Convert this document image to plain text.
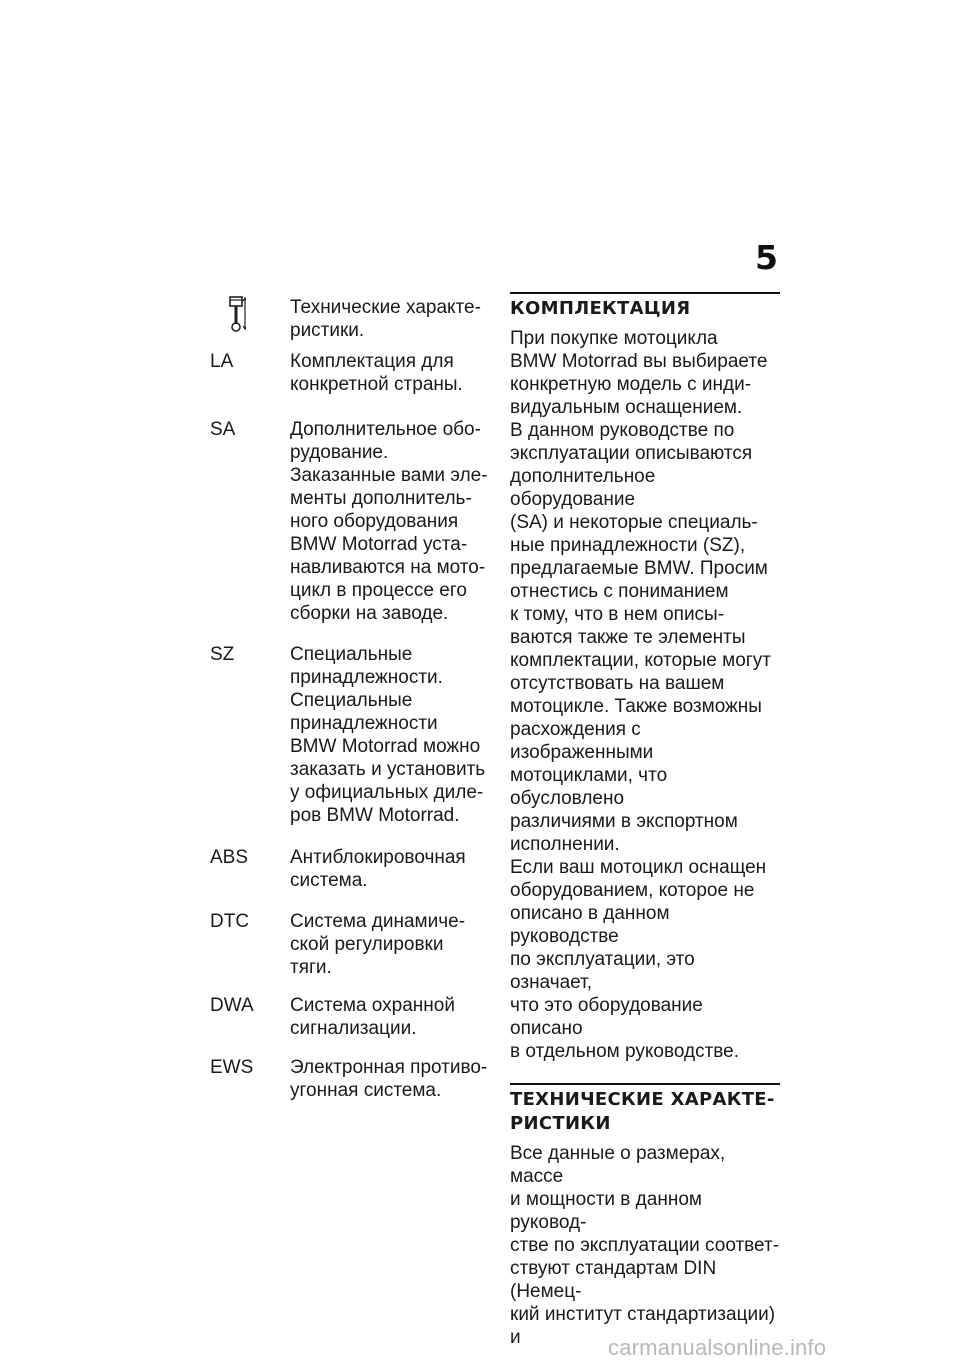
5
Технические характе-
ристики.
LA	Комплектация для
конкретной страны.
SA	Дополнительное обо-
рудование.
Заказанные вами эле-
менты дополнитель-
ного оборудования
BMW Motorrad уста-
навливаются на мото-
цикл в процессе его
сборки на заводе.
SZ	Специальные
принадлежности.
Специальные
принадлежности
BMW Motorrad можно
заказать и установить
у официальных диле-
ров BMW Motorrad.
ABS	Антиблокировочная
система.
DTC	Система динамиче-
ской регулировки
тяги.
DWA	Система охранной
сигнализации.
EWS	Электронная противо-
угонная система.
КОМПЛЕКТАЦИЯ
При покупке мотоцикла
BMW Motorrad вы выбираете
конкретную модель с инди-
видуальным оснащением.
В данном руководстве по
эксплуатации описываются
дополнительное оборудование
(SA) и некоторые специаль-
ные принадлежности (SZ),
предлагаемые BMW. Просим
отнестись с пониманием
к тому, что в нем описы-
ваются также те элементы
комплектации, которые могут
отсутствовать на вашем
мотоцикле. Также возможны
расхождения с изображенными
мотоциклами, что обусловлено
различиями в экспортном
исполнении.
Если ваш мотоцикл оснащен
оборудованием, которое не
описано в данном руководстве
по эксплуатации, это означает,
что это оборудование описано
в отдельном руководстве.
ТЕХНИЧЕСКИЕ ХАРАКТЕ-
РИСТИКИ
Все данные о размерах, массе
и мощности в данном руковод-
стве по эксплуатации соответ-
ствуют стандартам DIN (Немец-
кий институт стандартизации) и	carmanualsonline.info
